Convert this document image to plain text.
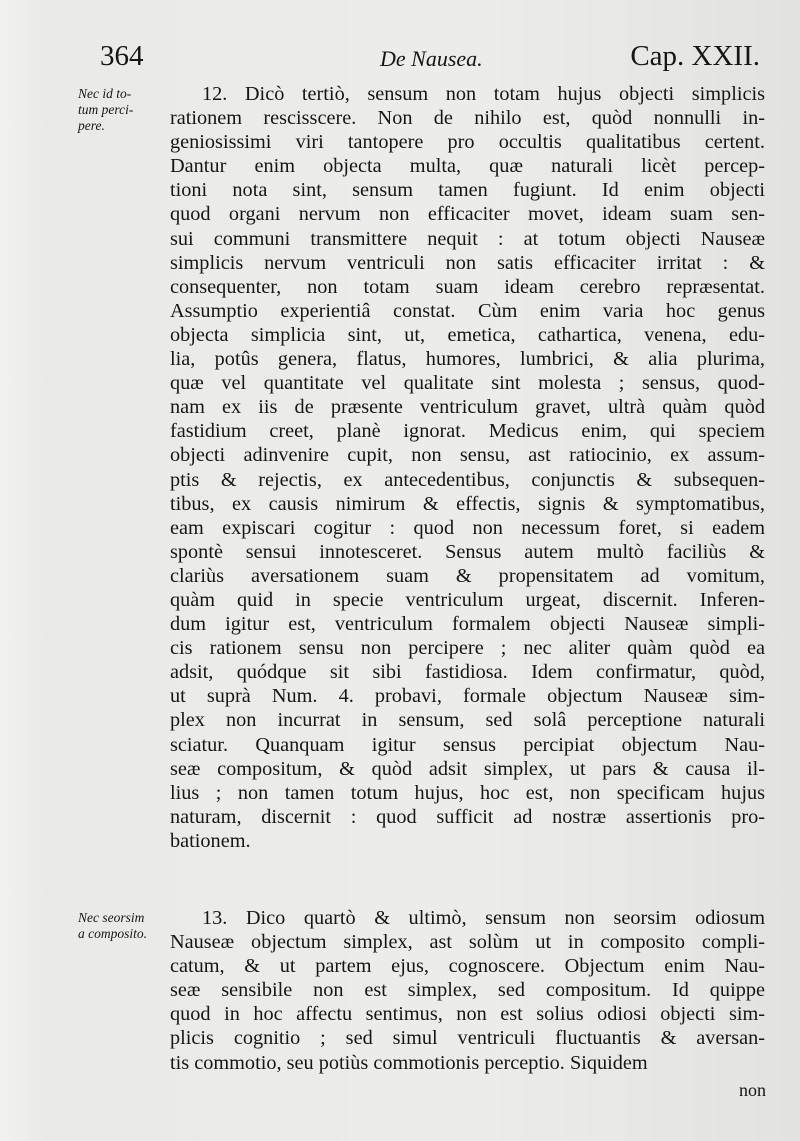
364	De Nausea.	Cap. XXII.
Nec id to-
tum perci-
pere.
Nec seorsim
a composito.
12. Dicò tertiò, sensum non totam hujus objecti simplicis
rationem rescisscere. Non de nihilo est, quòd nonnulli in-
geniosissimi viri tantopere pro occultis qualitatibus certent.
Dantur enim objecta multa, quæ naturali licèt percep-
tioni nota sint, sensum tamen fugiunt. Id enim objecti
quod organi nervum non efficaciter movet, ideam suam sen-
sui communi transmittere nequit : at totum objecti Nauseæ
simplicis nervum ventriculi non satis efficaciter irritat : &
consequenter, non totam suam ideam cerebro repræsentat.
Assumptio experientiâ constat. Cùm enim varia hoc genus
objecta simplicia sint, ut, emetica, cathartica, venena, edu-
lia, potûs genera, flatus, humores, lumbrici, & alia plurima,
quæ vel quantitate vel qualitate sint molesta ; sensus, quod-
nam ex iis de præsente ventriculum gravet, ultrà quàm quòd
fastidium creet, planè ignorat. Medicus enim, qui speciem
objecti adinvenire cupit, non sensu, ast ratiocinio, ex assum-
ptis & rejectis, ex antecedentibus, conjunctis & subsequen-
tibus, ex causis nimirum & effectis, signis & symptomatibus,
eam expiscari cogitur : quod non necessum foret, si eadem
spontè sensui innotesceret. Sensus autem multò faciliùs &
clariùs aversationem suam & propensitatem ad vomitum,
quàm quid in specie ventriculum urgeat, discernit. Inferen-
dum igitur est, ventriculum formalem objecti Nauseæ simpli-
cis rationem sensu non percipere ; nec aliter quàm quòd ea
adsit, quódque sit sibi fastidiosa. Idem confirmatur, quòd,
ut suprà Num. 4. probavi, formale objectum Nauseæ sim-
plex non incurrat in sensum, sed solâ perceptione naturali
sciatur. Quanquam igitur sensus percipiat objectum Nau-
seæ compositum, & quòd adsit simplex, ut pars & causa il-
lius ; non tamen totum hujus, hoc est, non specificam hujus
naturam, discernit : quod sufficit ad nostræ assertionis pro-
bationem.
13. Dico quartò & ultimò, sensum non seorsim odiosum
Nauseæ objectum simplex, ast solùm ut in composito compli-
catum, & ut partem ejus, cognoscere. Objectum enim Nau-
seæ sensibile non est simplex, sed compositum. Id quippe
quod in hoc affectu sentimus, non est solius odiosi objecti sim-
plicis cognitio ; sed simul ventriculi fluctuantis & aversan-
tis commotio, seu potiùs commotionis perceptio. Siquidem
non
